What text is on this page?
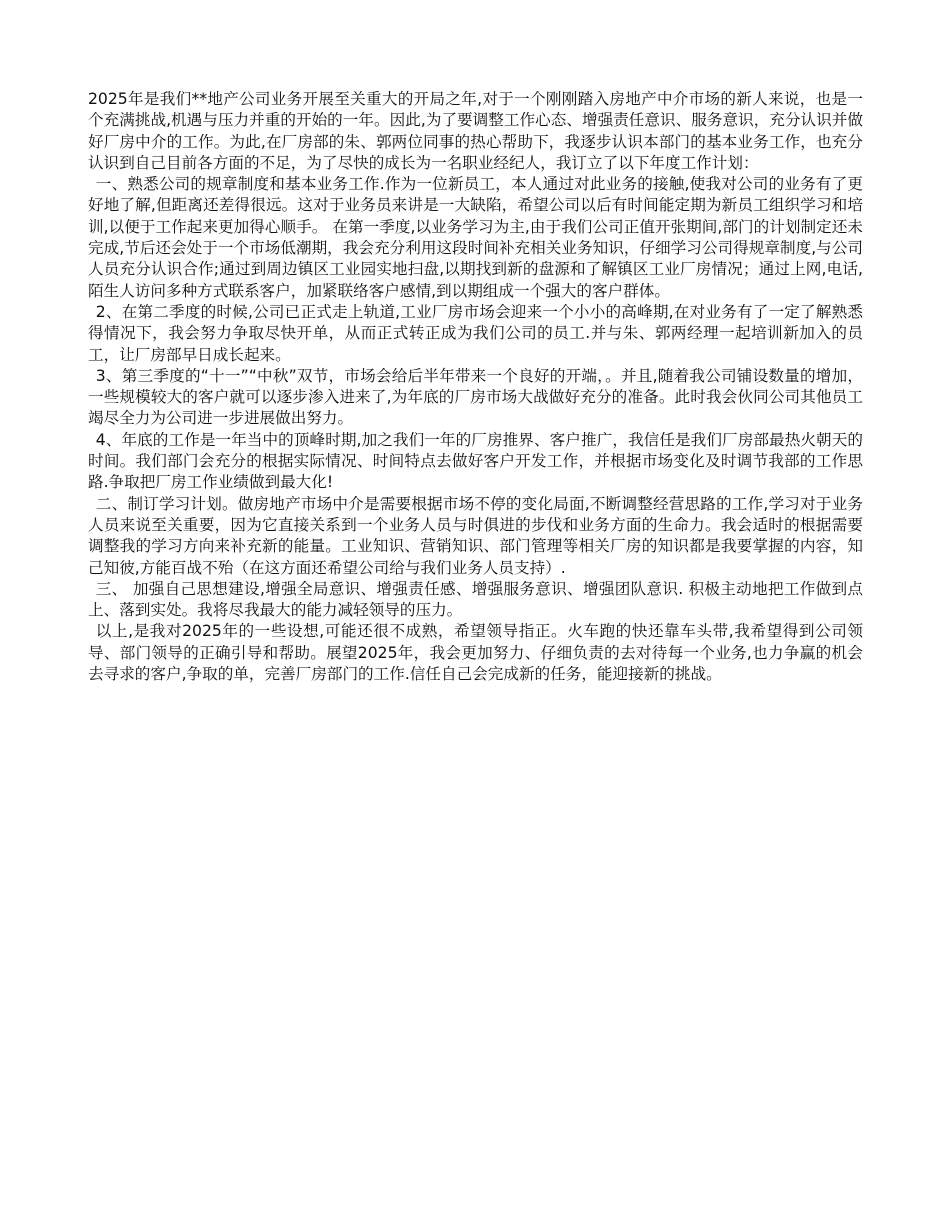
2025年是我们**地产公司业务开展至关重大的开局之年,对于一个刚刚踏入房地产中介市场的新人来说，也是一个充满挑战,机遇与压力并重的开始的一年。因此,为了要调整工作心态、增强责任意识、服务意识，充分认识并做好厂房中介的工作。为此,在厂房部的朱、郭两位同事的热心帮助下，我逐步认识本部门的基本业务工作，也充分认识到自己目前各方面的不足，为了尽快的成长为一名职业经纪人，我订立了以下年度工作计划：

一、熟悉公司的规章制度和基本业务工作.作为一位新员工，本人通过对此业务的接触,使我对公司的业务有了更好地了解,但距离还差得很远。这对于业务员来讲是一大缺陷，希望公司以后有时间能定期为新员工组织学习和培训,以便于工作起来更加得心顺手。 在第一季度,以业务学习为主,由于我们公司正值开张期间,部门的计划制定还未完成,节后还会处于一个市场低潮期，我会充分利用这段时间补充相关业务知识，仔细学习公司得规章制度,与公司人员充分认识合作;通过到周边镇区工业园实地扫盘,以期找到新的盘源和了解镇区工业厂房情况；通过上网,电话,陌生人访问多种方式联系客户，加紧联络客户感情,到以期组成一个强大的客户群体。

2、在第二季度的时候,公司已正式走上轨道,工业厂房市场会迎来一个小小的高峰期,在对业务有了一定了解熟悉得情况下，我会努力争取尽快开单，从而正式转正成为我们公司的员工.并与朱、郭两经理一起培训新加入的员工，让厂房部早日成长起来。

3、第三季度的“十一”“中秋”双节，市场会给后半年带来一个良好的开端，。并且,随着我公司铺设数量的增加，一些规模较大的客户就可以逐步渗入进来了,为年底的厂房市场大战做好充分的准备。此时我会伙同公司其他员工竭尽全力为公司进一步进展做出努力。

4、年底的工作是一年当中的顶峰时期,加之我们一年的厂房推界、客户推广，我信任是我们厂房部最热火朝天的时间。我们部门会充分的根据实际情况、时间特点去做好客户开发工作，并根据市场变化及时调节我部的工作思路.争取把厂房工作业绩做到最大化!

二、制订学习计划。做房地产市场中介是需要根据市场不停的变化局面,不断调整经营思路的工作,学习对于业务人员来说至关重要，因为它直接关系到一个业务人员与时俱进的步伐和业务方面的生命力。我会适时的根据需要调整我的学习方向来补充新的能量。工业知识、营销知识、部门管理等相关厂房的知识都是我要掌握的内容，知己知彼,方能百战不殆（在这方面还希望公司给与我们业务人员支持）.

三、 加强自己思想建设,增强全局意识、增强责任感、增强服务意识、增强团队意识. 积极主动地把工作做到点上、落到实处。我将尽我最大的能力减轻领导的压力。

以上,是我对2025年的一些设想,可能还很不成熟，希望领导指正。火车跑的快还靠车头带,我希望得到公司领导、部门领导的正确引导和帮助。展望2025年，我会更加努力、仔细负责的去对待每一个业务,也力争赢的机会去寻求的客户,争取的单，完善厂房部门的工作.信任自己会完成新的任务，能迎接新的挑战。
